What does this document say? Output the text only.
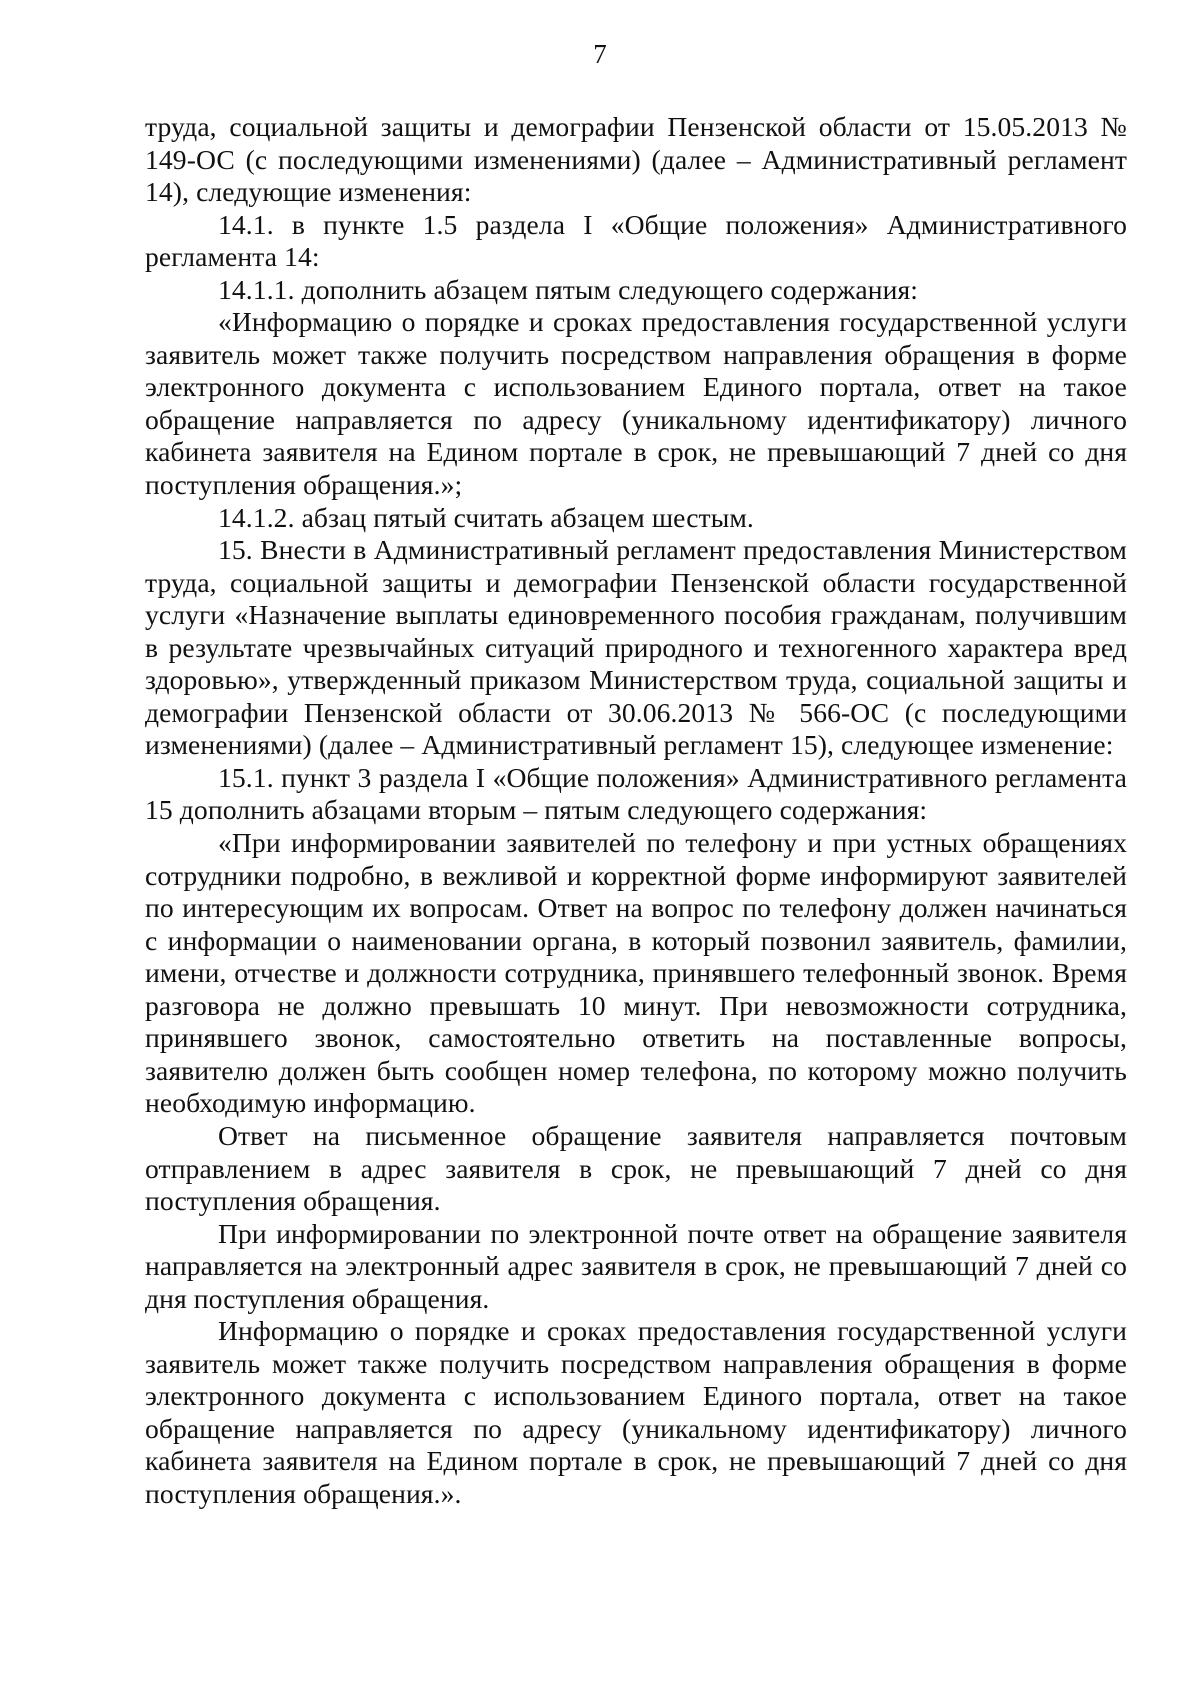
7

труда, социальной защиты и демографии Пензенской области от 15.05.2013 № 149-ОС (с последующими изменениями) (далее – Административный регламент 14), следующие изменения:

14.1. в пункте 1.5 раздела I «Общие положения» Административного регламента 14:

14.1.1. дополнить абзацем пятым следующего содержания:

«Информацию о порядке и сроках предоставления государственной услуги заявитель может также получить посредством направления обращения в форме электронного документа с использованием Единого портала, ответ на такое обращение направляется по адресу (уникальному идентификатору) личного кабинета заявителя на Едином портале в срок, не превышающий 7 дней со дня поступления обращения.»;

14.1.2. абзац пятый считать абзацем шестым.

15. Внести в Административный регламент предоставления Министерством труда, социальной защиты и демографии Пензенской области государственной услуги «Назначение выплаты единовременного пособия гражданам, получившим в результате чрезвычайных ситуаций природного и техногенного характера вред здоровью», утвержденный приказом Министерством труда, социальной защиты и демографии Пензенской области от 30.06.2013 № 566-ОС (с последующими изменениями) (далее – Административный регламент 15), следующее изменение:

15.1. пункт 3 раздела I «Общие положения» Административного регламента 15 дополнить абзацами вторым – пятым следующего содержания:

«При информировании заявителей по телефону и при устных обращениях сотрудники подробно, в вежливой и корректной форме информируют заявителей по интересующим их вопросам. Ответ на вопрос по телефону должен начинаться с информации о наименовании органа, в который позвонил заявитель, фамилии, имени, отчестве и должности сотрудника, принявшего телефонный звонок. Время разговора не должно превышать 10 минут. При невозможности сотрудника, принявшего звонок, самостоятельно ответить на поставленные вопросы, заявителю должен быть сообщен номер телефона, по которому можно получить необходимую информацию.

Ответ на письменное обращение заявителя направляется почтовым отправлением в адрес заявителя в срок, не превышающий 7 дней со дня поступления обращения.

При информировании по электронной почте ответ на обращение заявителя направляется на электронный адрес заявителя в срок, не превышающий 7 дней со дня поступления обращения.

Информацию о порядке и сроках предоставления государственной услуги заявитель может также получить посредством направления обращения в форме электронного документа с использованием Единого портала, ответ на такое обращение направляется по адресу (уникальному идентификатору) личного кабинета заявителя на Едином портале в срок, не превышающий 7 дней со дня поступления обращения.».
